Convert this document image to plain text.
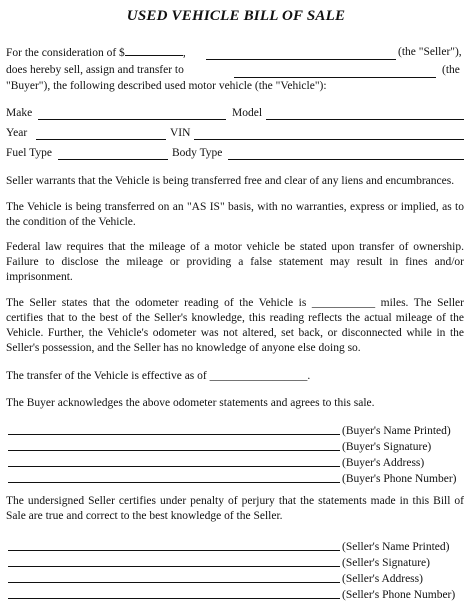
USED VEHICLE BILL OF SALE
For the consideration of $	,	(the "Seller"),
does hereby sell, assign and transfer to	(the
"Buyer"), the following described used motor vehicle (the "Vehicle"):
Make	Model
Year	VIN
Fuel Type	Body Type
Seller warrants that the Vehicle is being transferred free and clear of any liens and encumbrances.
The Vehicle is being transferred on an "AS IS" basis, with no warranties, express or implied, as to the condition of the Vehicle.
Federal law requires that the mileage of a motor vehicle be stated upon transfer of ownership. Failure to disclose the mileage or providing a false statement may result in fines and/or imprisonment.
The Seller states that the odometer reading of the Vehicle is ___________ miles. The Seller certifies that to the best of the Seller's knowledge, this reading reflects the actual mileage of the Vehicle. Further, the Vehicle's odometer was not altered, set back, or disconnected while in the Seller's possession, and the Seller has no knowledge of anyone else doing so.
The transfer of the Vehicle is effective as of _________________.
The Buyer acknowledges the above odometer statements and agrees to this sale.
(Buyer's Name Printed)
(Buyer's Signature)
(Buyer's Address)
(Buyer's Phone Number)
The undersigned Seller certifies under penalty of perjury that the statements made in this Bill of Sale are true and correct to the best knowledge of the Seller.
(Seller's Name Printed)
(Seller's Signature)
(Seller's Address)
(Seller's Phone Number)
